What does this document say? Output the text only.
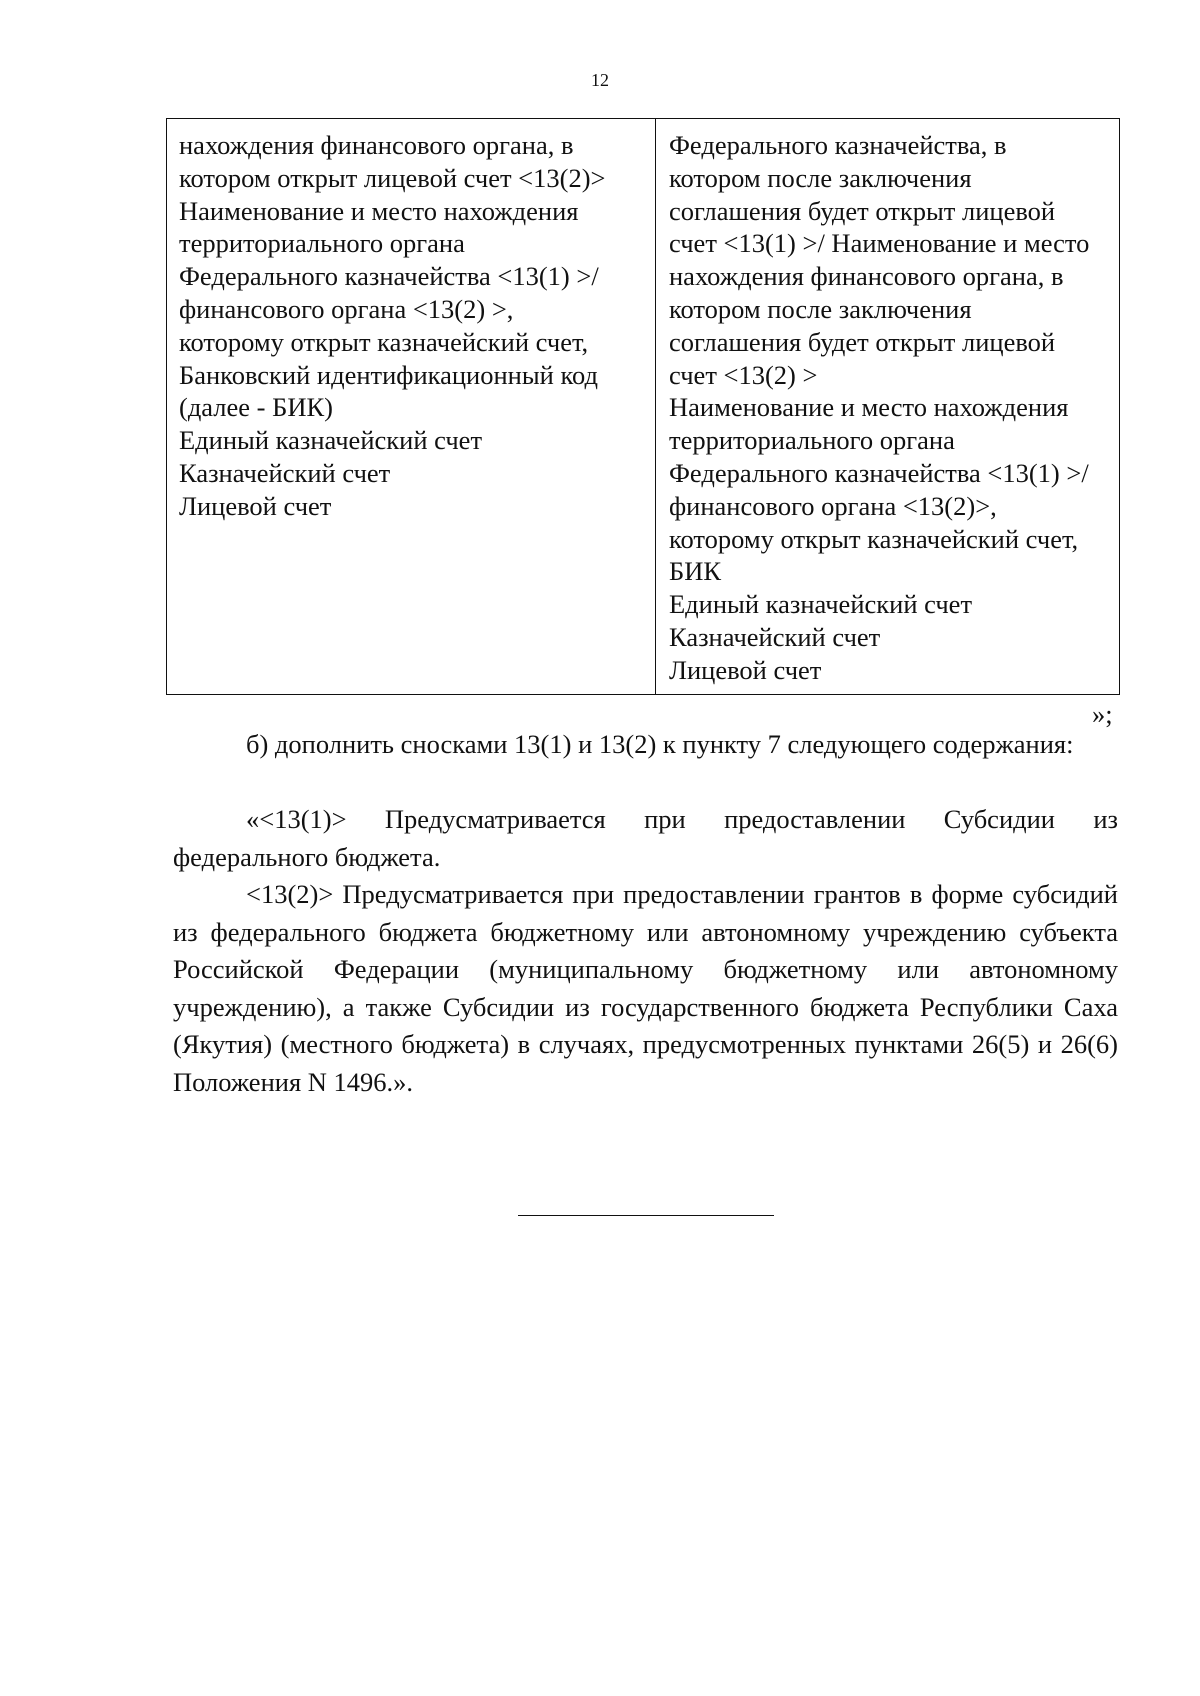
12
нахождения финансового органа, в
котором открыт лицевой счет <13(2)>
Наименование и место нахождения
территориального органа
Федерального казначейства <13(1) >/
финансового органа <13(2) >,
которому открыт казначейский счет,
Банковский идентификационный код
(далее - БИК)
Единый казначейский счет
Казначейский счет
Лицевой счет
Федерального казначейства, в
котором после заключения
соглашения будет открыт лицевой
счет <13(1) >/ Наименование и место
нахождения финансового органа, в
котором после заключения
соглашения будет открыт лицевой
счет <13(2) >
Наименование и место нахождения
территориального органа
Федерального казначейства <13(1) >/
финансового органа <13(2)>,
которому открыт казначейский счет,
БИК
Единый казначейский счет
Казначейский счет
Лицевой счет
»;
б) дополнить сносками 13(1) и 13(2) к пункту 7 следующего содержания:
«<13(1)> Предусматривается при предоставлении Субсидии из федерального бюджета.
<13(2)> Предусматривается при предоставлении грантов в форме субсидий из федерального бюджета бюджетному или автономному учреждению субъекта Российской Федерации (муниципальному бюджетному или автономному учреждению), а также Субсидии из государственного бюджета Республики Саха (Якутия) (местного бюджета) в случаях, предусмотренных пунктами 26(5) и 26(6) Положения N 1496.».
